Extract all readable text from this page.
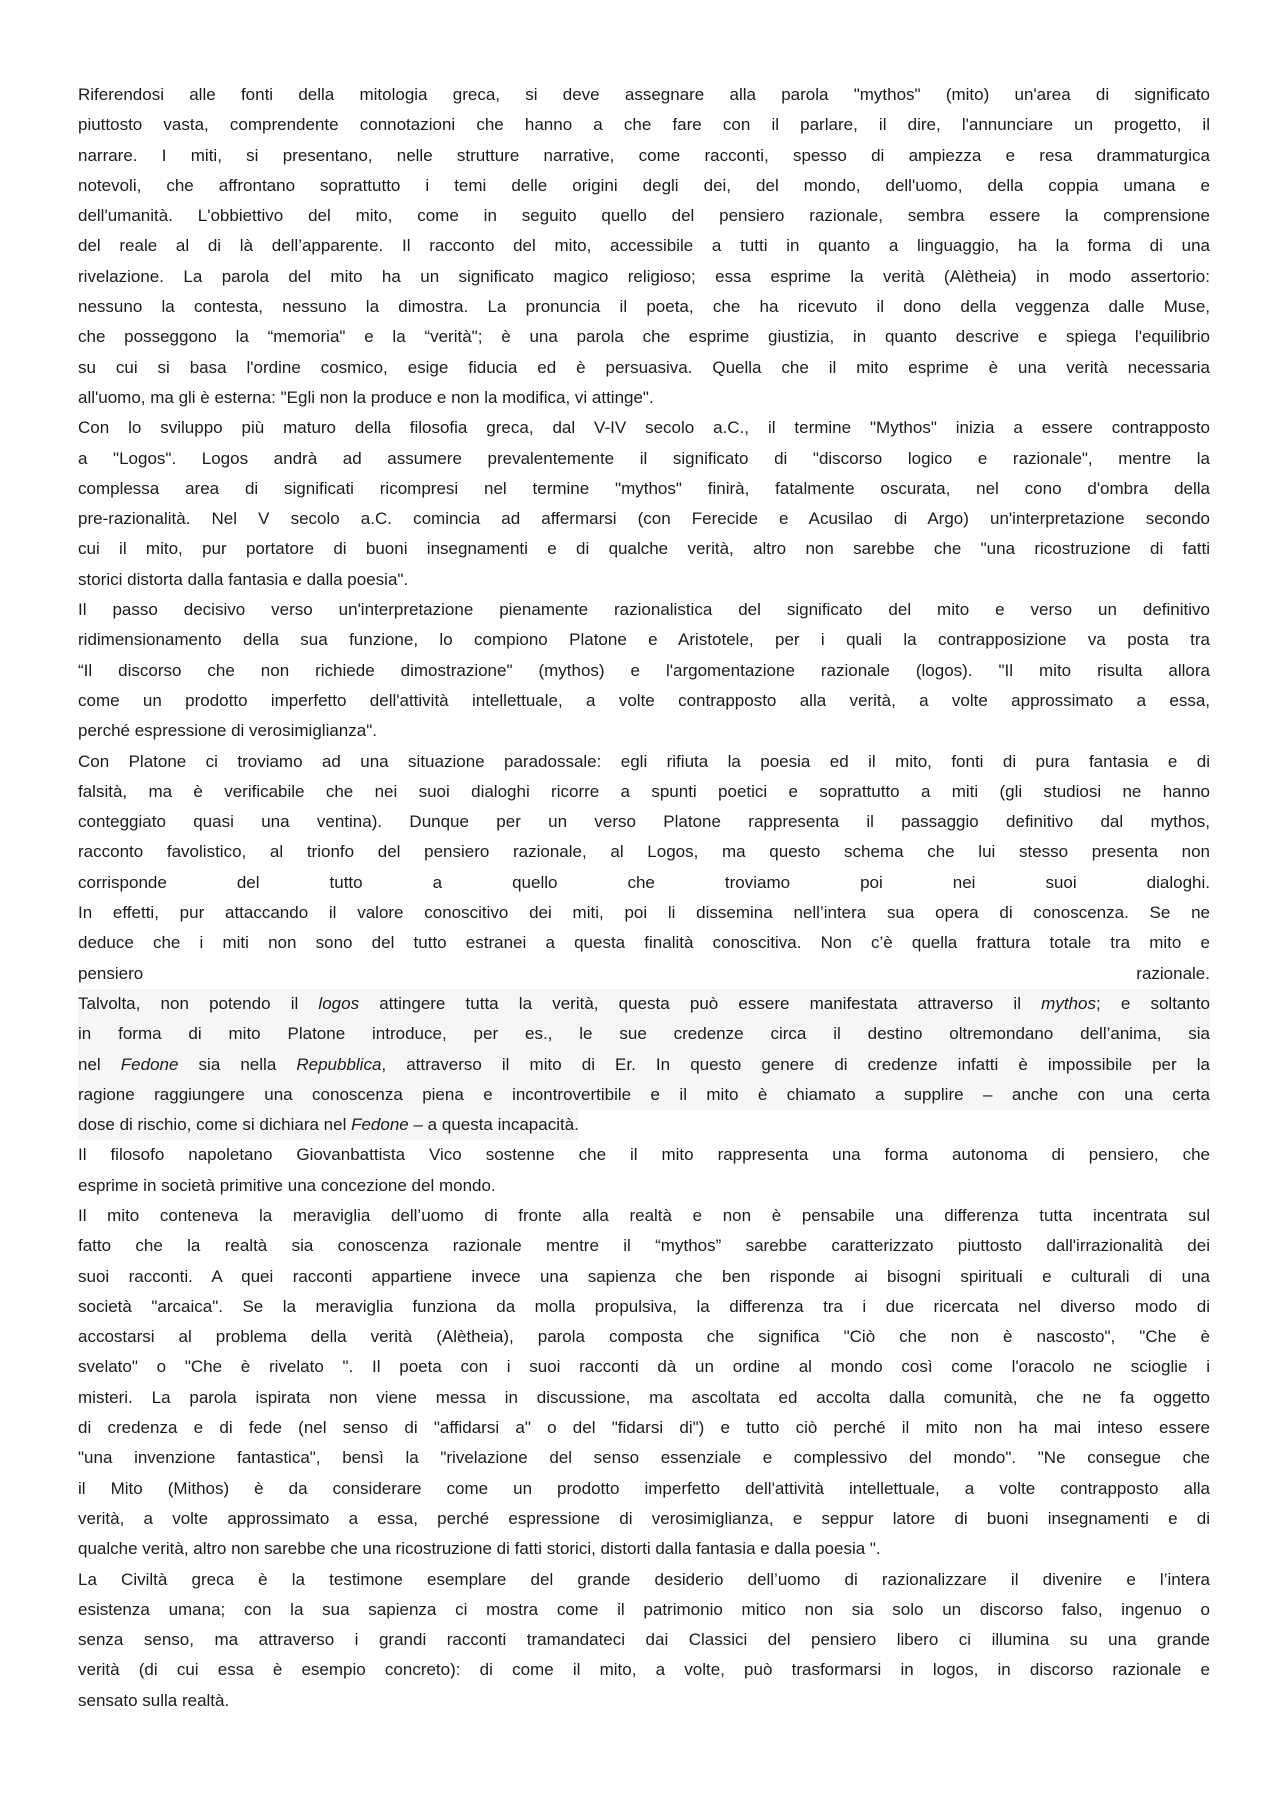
Riferendosi alle fonti della mitologia greca, si deve assegnare alla parola "mythos" (mito) un'area di significato
piuttosto vasta, comprendente connotazioni che hanno a che fare con il parlare, il dire, l'annunciare un progetto, il
narrare. I miti, si presentano, nelle strutture narrative, come racconti, spesso di ampiezza e resa drammaturgica
notevoli, che affrontano soprattutto i temi delle origini degli dei, del mondo, dell'uomo, della coppia umana e
dell'umanità. L'obbiettivo del mito, come in seguito quello del pensiero razionale, sembra essere la comprensione
del reale al di là dell’apparente. Il racconto del mito, accessibile a tutti in quanto a linguaggio, ha la forma di una
rivelazione. La parola del mito ha un significato magico religioso; essa esprime la verità (Alètheia) in modo assertorio:
nessuno la contesta, nessuno la dimostra. La pronuncia il poeta, che ha ricevuto il dono della veggenza dalle Muse,
che posseggono la “memoria" e la “verità"; è una parola che esprime giustizia, in quanto descrive e spiega l'equilibrio
su cui si basa l'ordine cosmico, esige fiducia ed è persuasiva. Quella che il mito esprime è una verità necessaria
all'uomo, ma gli è esterna: "Egli non la produce e non la modifica, vi attinge".
Con lo sviluppo più maturo della filosofia greca, dal V-IV secolo a.C., il termine "Mythos" inizia a essere contrapposto
a "Logos". Logos andrà ad assumere prevalentemente il significato di "discorso logico e razionale", mentre la
complessa area di significati ricompresi nel termine "mythos" finirà, fatalmente oscurata, nel cono d'ombra della
pre-razionalità. Nel V secolo a.C. comincia ad affermarsi (con Ferecide e Acusilao di Argo) un'interpretazione secondo
cui il mito, pur portatore di buoni insegnamenti e di qualche verità, altro non sarebbe che "una ricostruzione di fatti
storici distorta dalla fantasia e dalla poesia".
Il passo decisivo verso un'interpretazione pienamente razionalistica del significato del mito e verso un definitivo
ridimensionamento della sua funzione, lo compiono Platone e Aristotele, per i quali la contrapposizione va posta tra
“Il discorso che non richiede dimostrazione" (mythos) e l'argomentazione razionale (logos). "Il mito risulta allora
come un prodotto imperfetto dell'attività intellettuale, a volte contrapposto alla verità, a volte approssimato a essa,
perché espressione di verosimiglianza".
Con Platone ci troviamo ad una situazione paradossale: egli rifiuta la poesia ed il mito, fonti di pura fantasia e di
falsità, ma è verificabile che nei suoi dialoghi ricorre a spunti poetici e soprattutto a miti (gli studiosi ne hanno
conteggiato quasi una ventina). Dunque per un verso Platone rappresenta il passaggio definitivo dal mythos,
racconto favolistico, al trionfo del pensiero razionale, al Logos, ma questo schema che lui stesso presenta non
corrisponde del tutto a quello che troviamo poi nei suoi dialoghi.
In effetti, pur attaccando il valore conoscitivo dei miti, poi li dissemina nell’intera sua opera di conoscenza. Se ne
deduce che i miti non sono del tutto estranei a questa finalità conoscitiva. Non c’è quella frattura totale tra mito e
pensiero razionale.
Talvolta, non potendo il logos attingere tutta la verità, questa può essere manifestata attraverso il mythos; e soltanto
in forma di mito Platone introduce, per es., le sue credenze circa il destino oltremondano dell’anima, sia
nel Fedone sia nella Repubblica, attraverso il mito di Er. In questo genere di credenze infatti è impossibile per la
ragione raggiungere una conoscenza piena e incontrovertibile e il mito è chiamato a supplire – anche con una certa
dose di rischio, come si dichiara nel Fedone – a questa incapacità.
Il filosofo napoletano Giovanbattista Vico sostenne che il mito rappresenta una forma autonoma di pensiero, che
esprime in società primitive una concezione del mondo.
Il mito conteneva la meraviglia dell’uomo di fronte alla realtà e non è pensabile una differenza tutta incentrata sul
fatto che la realtà sia conoscenza razionale mentre il “mythos” sarebbe caratterizzato piuttosto dall'irrazionalità dei
suoi racconti. A quei racconti appartiene invece una sapienza che ben risponde ai bisogni spirituali e culturali di una
società "arcaica". Se la meraviglia funziona da molla propulsiva, la differenza tra i due ricercata nel diverso modo di
accostarsi al problema della verità (Alètheia), parola composta che significa "Ciò che non è nascosto", "Che è
svelato" o "Che è rivelato ". Il poeta con i suoi racconti dà un ordine al mondo così come l'oracolo ne scioglie i
misteri. La parola ispirata non viene messa in discussione, ma ascoltata ed accolta dalla comunità, che ne fa oggetto
di credenza e di fede (nel senso di "affidarsi a" o del "fidarsi di") e tutto ciò perché il mito non ha mai inteso essere
"una invenzione fantastica", bensì la "rivelazione del senso essenziale e complessivo del mondo". "Ne consegue che
il Mito (Mithos) è da considerare come un prodotto imperfetto dell'attività intellettuale, a volte contrapposto alla
verità, a volte approssimato a essa, perché espressione di verosimiglianza, e seppur latore di buoni insegnamenti e di
qualche verità, altro non sarebbe che una ricostruzione di fatti storici, distorti dalla fantasia e dalla poesia ".
La Civiltà greca è la testimone esemplare del grande desiderio dell’uomo di razionalizzare il divenire e l’intera
esistenza umana; con la sua sapienza ci mostra come il patrimonio mitico non sia solo un discorso falso, ingenuo o
senza senso, ma attraverso i grandi racconti tramandateci dai Classici del pensiero libero ci illumina su una grande
verità (di cui essa è esempio concreto): di come il mito, a volte, può trasformarsi in logos, in discorso razionale e
sensato sulla realtà.
